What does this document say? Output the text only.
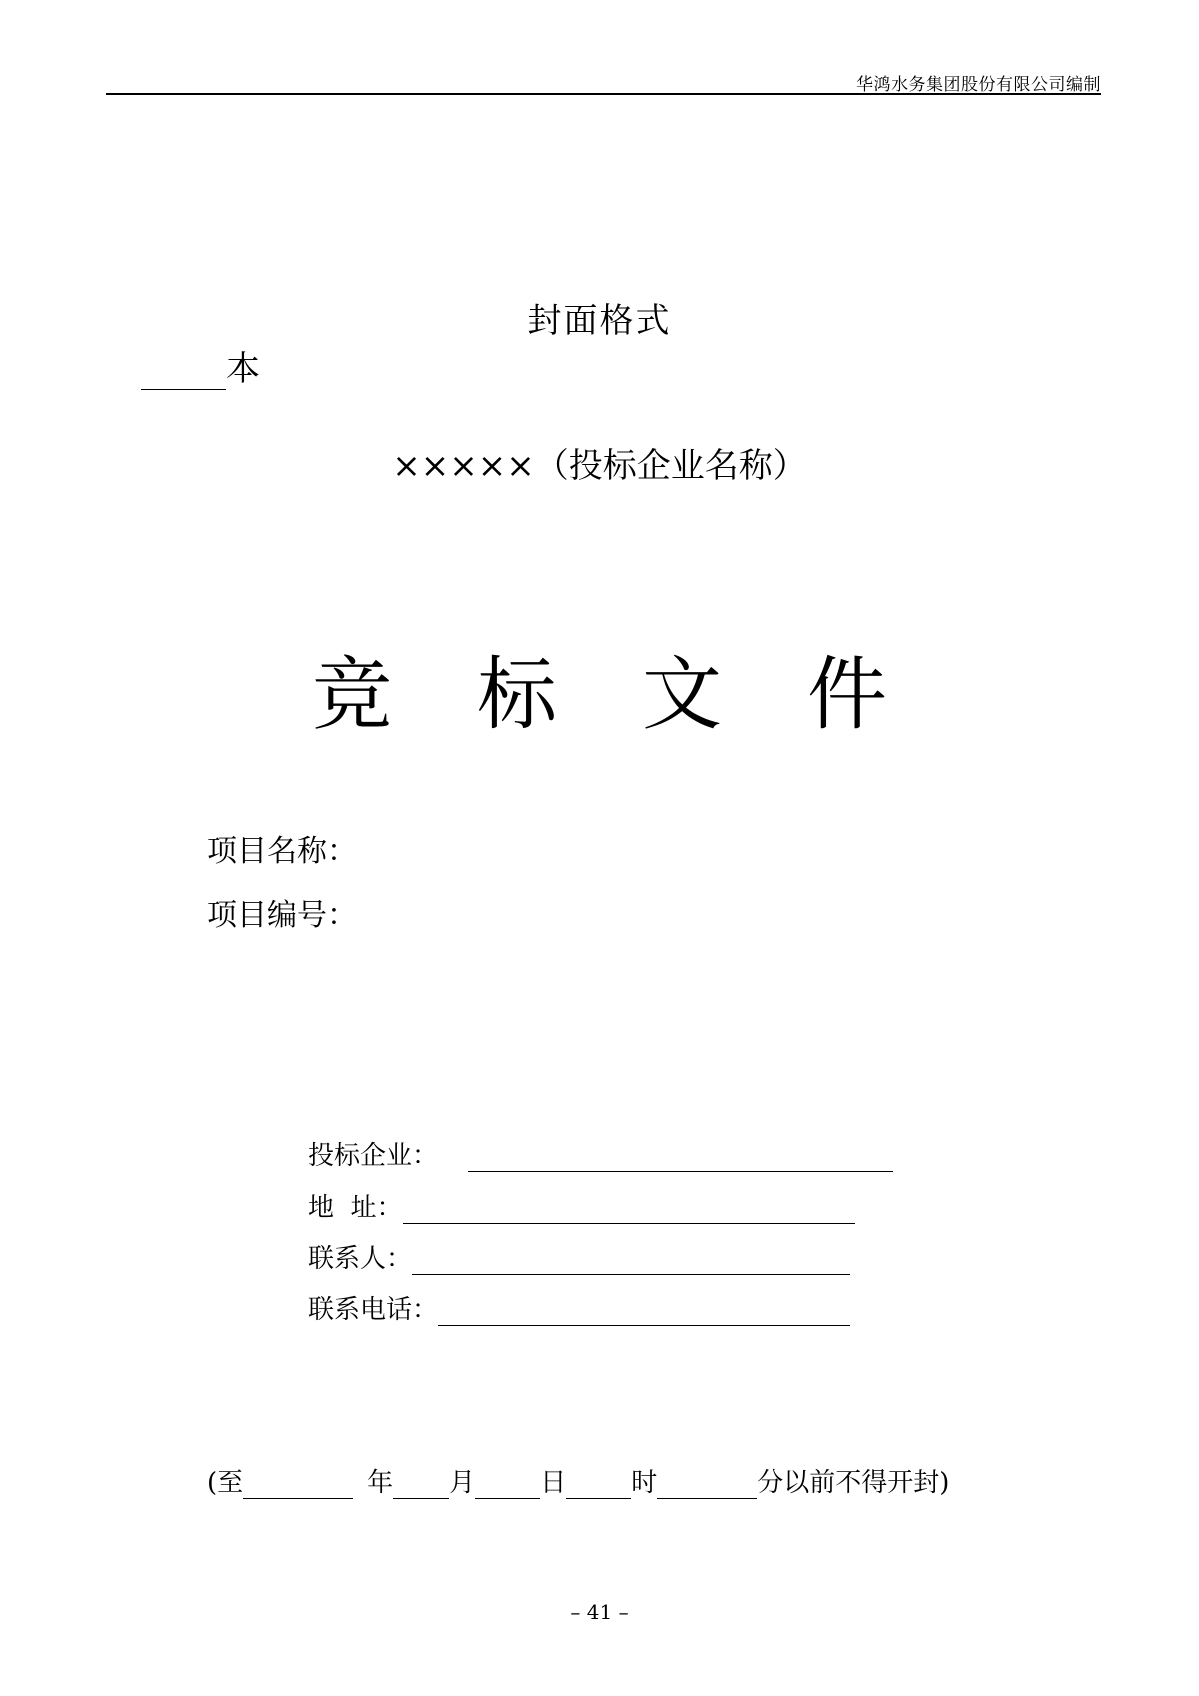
华鸿水务集团股份有限公司编制
封面格式
本
×××××（投标企业名称）
竞标文件
项目名称：
项目编号：
投标企业：
地  址：
联系人：
联系电话：
(至	年 月	日	时	分以前不得开封)
– 41 –
